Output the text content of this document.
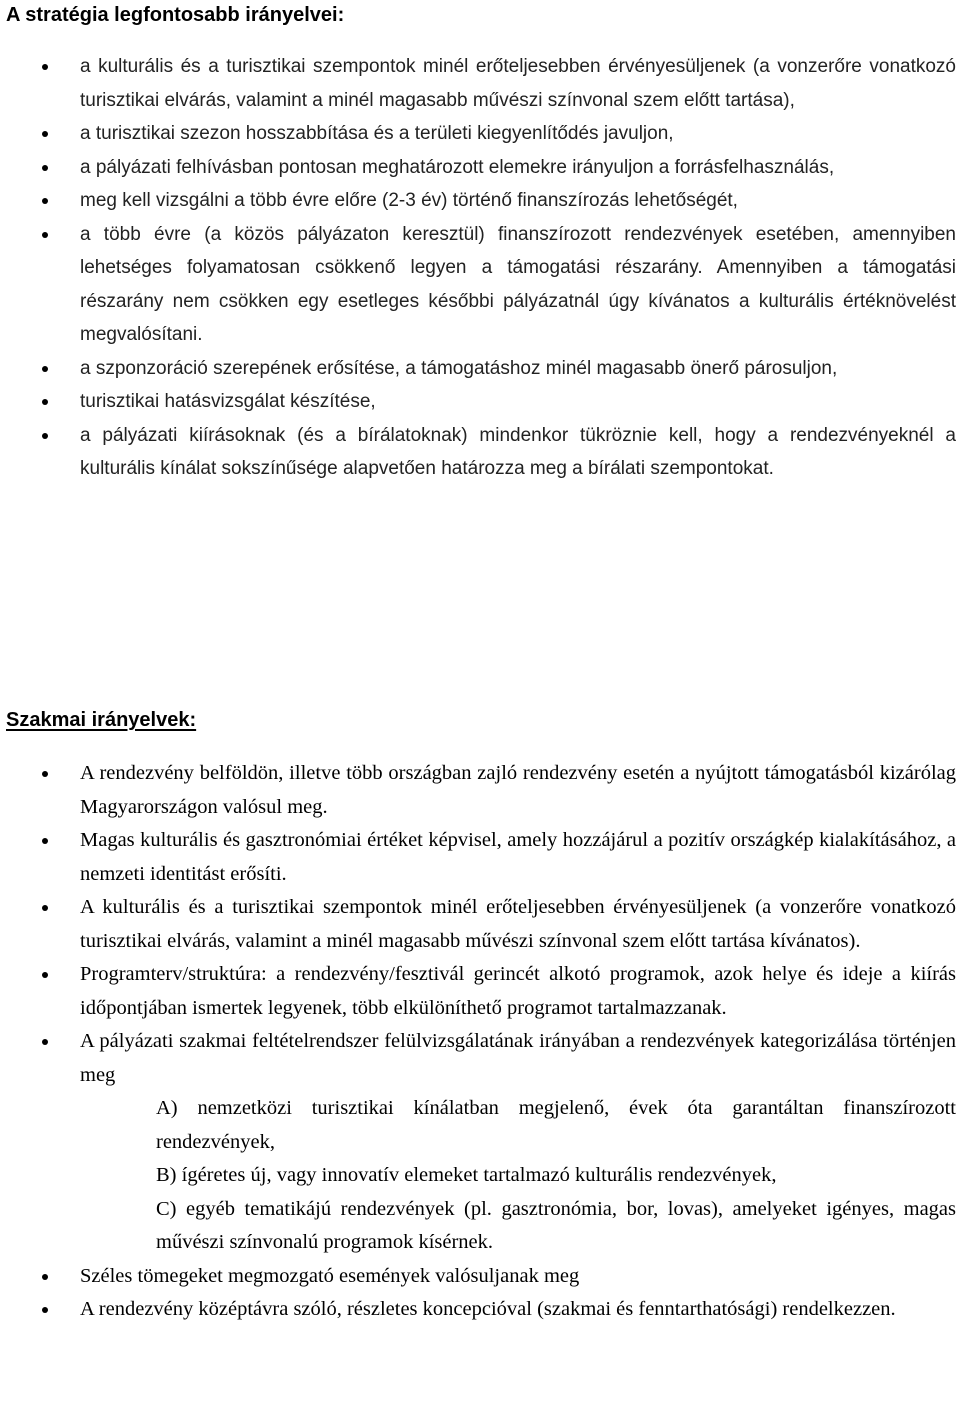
A stratégia legfontosabb irányelvei:
a kulturális és a turisztikai szempontok minél erőteljesebben érvényesüljenek (a vonzerőre vonatkozó turisztikai elvárás, valamint a minél magasabb művészi színvonal szem előtt tartása),
a turisztikai szezon hosszabbítása és a területi kiegyenlítődés javuljon,
a pályázati felhívásban pontosan meghatározott elemekre irányuljon a forrásfelhasználás,
meg kell vizsgálni a több évre előre (2-3 év) történő finanszírozás lehetőségét,
a több évre (a közös pályázaton keresztül) finanszírozott rendezvények esetében, amennyiben lehetséges folyamatosan csökkenő legyen a támogatási részarány. Amennyiben a támogatási részarány nem csökken egy esetleges későbbi pályázatnál úgy kívánatos a kulturális értéknövelést megvalósítani.
a szponzoráció szerepének erősítése, a támogatáshoz minél magasabb önerő párosuljon,
turisztikai hatásvizsgálat készítése,
a pályázati kiírásoknak (és a bírálatoknak) mindenkor tükröznie kell, hogy a rendezvényeknél a kulturális kínálat sokszínűsége alapvetően határozza meg a bírálati szempontokat.
Szakmai irányelvek:
A rendezvény belföldön, illetve több országban zajló rendezvény esetén a nyújtott támogatásból kizárólag Magyarországon valósul meg.
Magas kulturális és gasztronómiai értéket képvisel, amely hozzájárul a pozitív országkép kialakításához, a nemzeti identitást erősíti.
A kulturális és a turisztikai szempontok minél erőteljesebben érvényesüljenek (a vonzerőre vonatkozó turisztikai elvárás, valamint a minél magasabb művészi színvonal szem előtt tartása kívánatos).
Programterv/struktúra: a rendezvény/fesztivál gerincét alkotó programok, azok helye és ideje a kiírás időpontjában ismertek legyenek, több elkülöníthető programot tartalmazzanak.
A pályázati szakmai feltételrendszer felülvizsgálatának irányában a rendezvények kategorizálása történjen meg
A) nemzetközi turisztikai kínálatban megjelenő, évek óta garantáltan finanszírozott rendezvények,
B) ígéretes új, vagy innovatív elemeket tartalmazó kulturális rendezvények,
C) egyéb tematikájú rendezvények (pl. gasztronómia, bor, lovas), amelyeket igényes, magas művészi színvonalú programok kísérnek.
Széles tömegeket megmozgató események valósuljanak meg
A rendezvény középtávra szóló, részletes koncepcióval (szakmai és fenntarthatósági) rendelkezzen.
